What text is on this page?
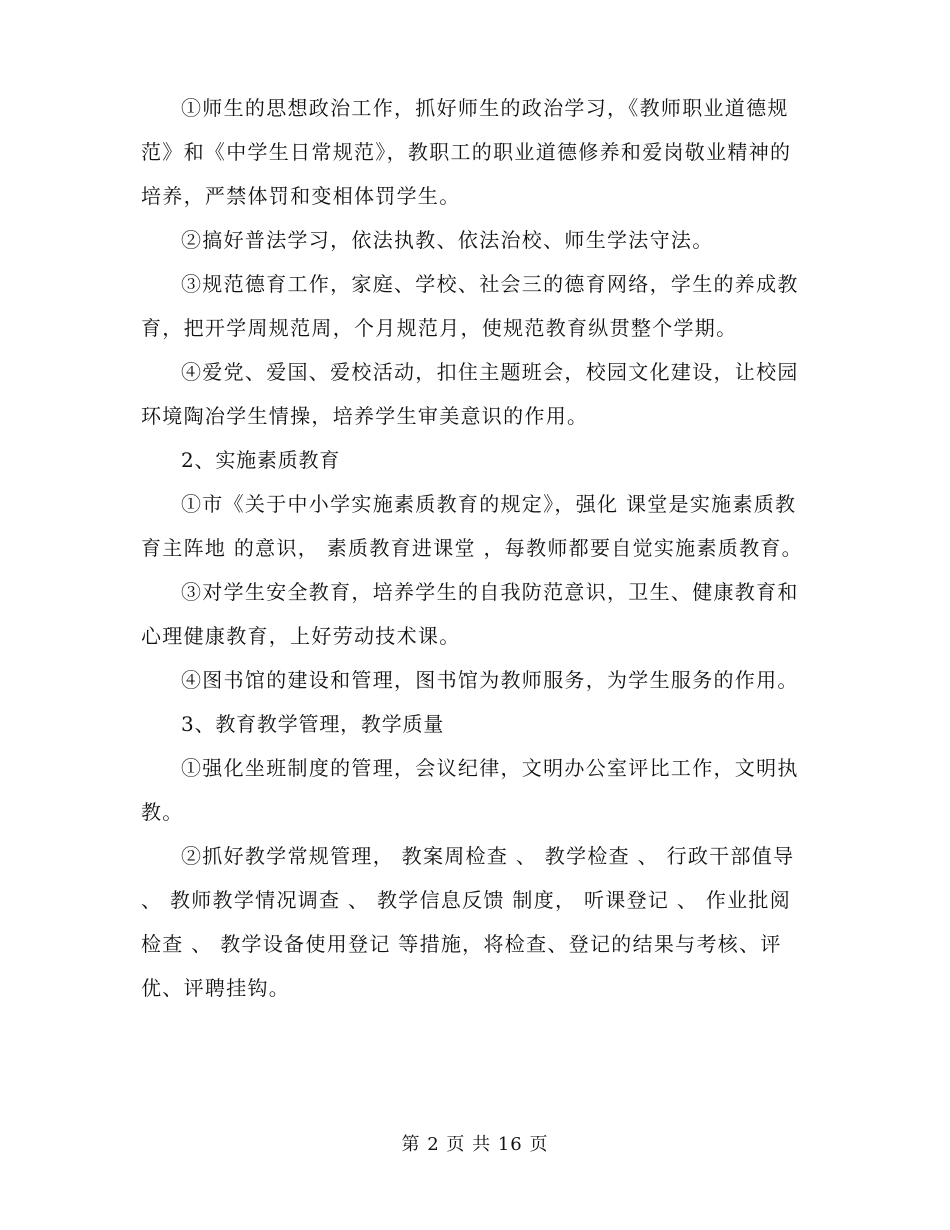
①师生的思想政治工作，抓好师生的政治学习，《教师职业道德规范》和《中学生日常规范》，教职工的职业道德修养和爱岗敬业精神的培养，严禁体罚和变相体罚学生。

②搞好普法学习，依法执教、依法治校、师生学法守法。

③规范德育工作，家庭、学校、社会三的德育网络，学生的养成教育，把开学周规范周，个月规范月，使规范教育纵贯整个学期。

④爱党、爱国、爱校活动，扣住主题班会，校园文化建设，让校园环境陶冶学生情操，培养学生审美意识的作用。

2、实施素质教育

①市《关于中小学实施素质教育的规定》，强化 课堂是实施素质教育主阵地 的意识， 素质教育进课堂 ，每教师都要自觉实施素质教育。

③对学生安全教育，培养学生的自我防范意识，卫生、健康教育和心理健康教育，上好劳动技术课。

④图书馆的建设和管理，图书馆为教师服务，为学生服务的作用。

3、教育教学管理，教学质量

①强化坐班制度的管理，会议纪律，文明办公室评比工作，文明执教。

②抓好教学常规管理， 教案周检查 、 教学检查 、 行政干部值导 、 教师教学情况调查 、 教学信息反馈 制度， 听课登记 、 作业批阅检查 、 教学设备使用登记 等措施，将检查、登记的结果与考核、评优、评聘挂钩。

第 2 页 共 16 页
